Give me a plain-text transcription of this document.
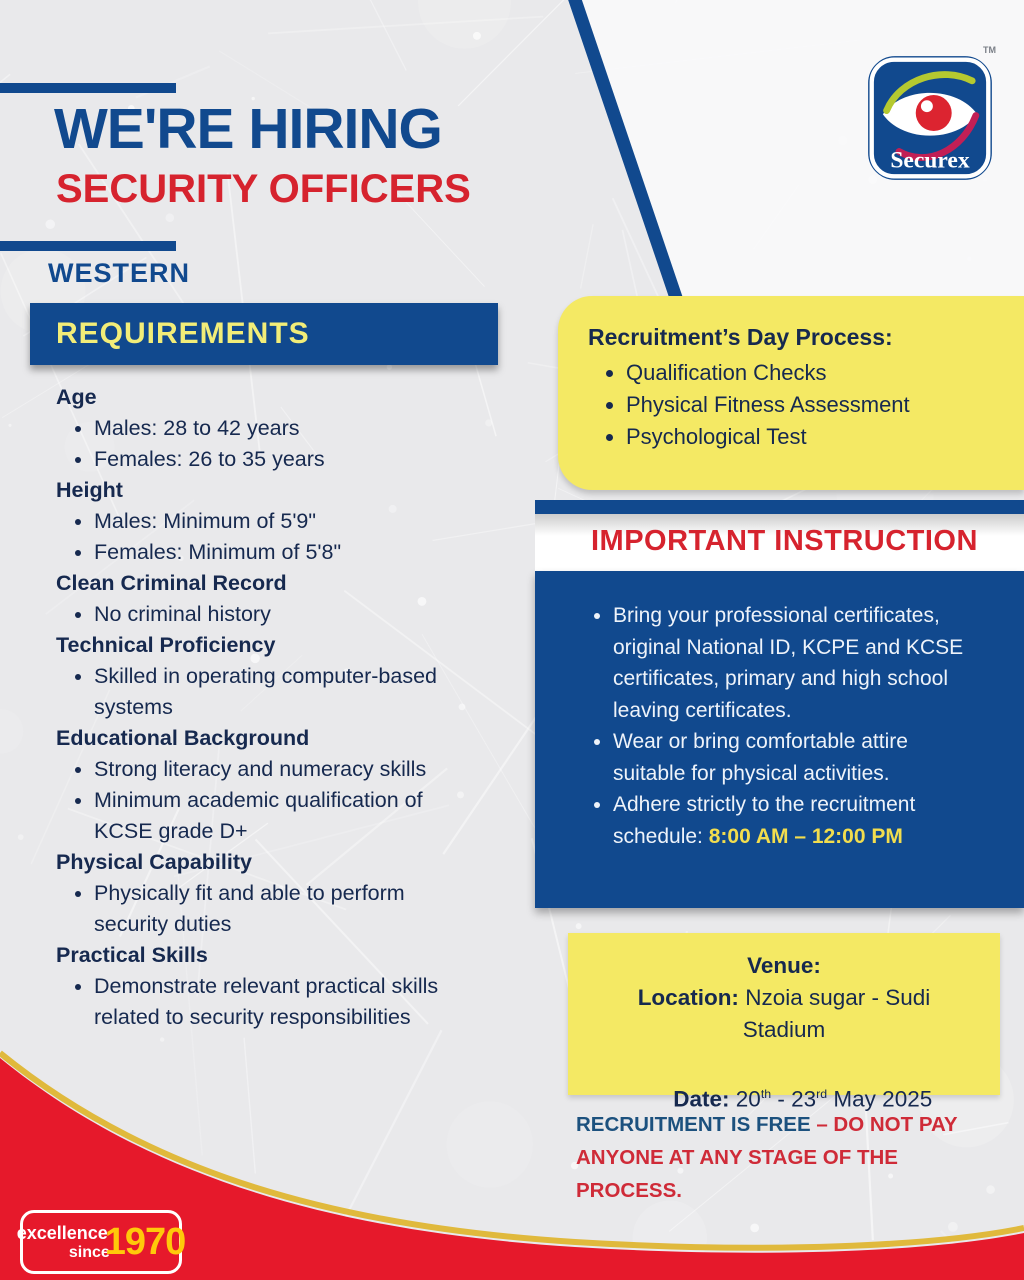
WE'RE HIRING
SECURITY OFFICERS
WESTERN
REQUIREMENTS
Age
• Males: 28 to 42 years
• Females: 26 to 35 years
Height
• Males: Minimum of 5'9"
• Females: Minimum of 5'8"
Clean Criminal Record
• No criminal history
Technical Proficiency
• Skilled in operating computer-based systems
Educational Background
• Strong literacy and numeracy skills
• Minimum academic qualification of KCSE grade D+
Physical Capability
• Physically fit and able to perform security duties
Practical Skills
• Demonstrate relevant practical skills related to security responsibilities
Recruitment’s Day Process:
• Qualification Checks
• Physical Fitness Assessment
• Psychological Test
IMPORTANT INSTRUCTION
• Bring your professional certificates, original National ID, KCPE and KCSE certificates, primary and high school leaving certificates.
• Wear or bring comfortable attire suitable for physical activities.
• Adhere strictly to the recruitment schedule: 8:00 AM – 12:00 PM
Venue:
Location: Nzoia sugar - Sudi Stadium

Date: 20th - 23rd May 2025

RECRUITMENT IS FREE – DO NOT PAY ANYONE AT ANY STAGE OF THE PROCESS.

TM
Securex
excellence
since
1970
